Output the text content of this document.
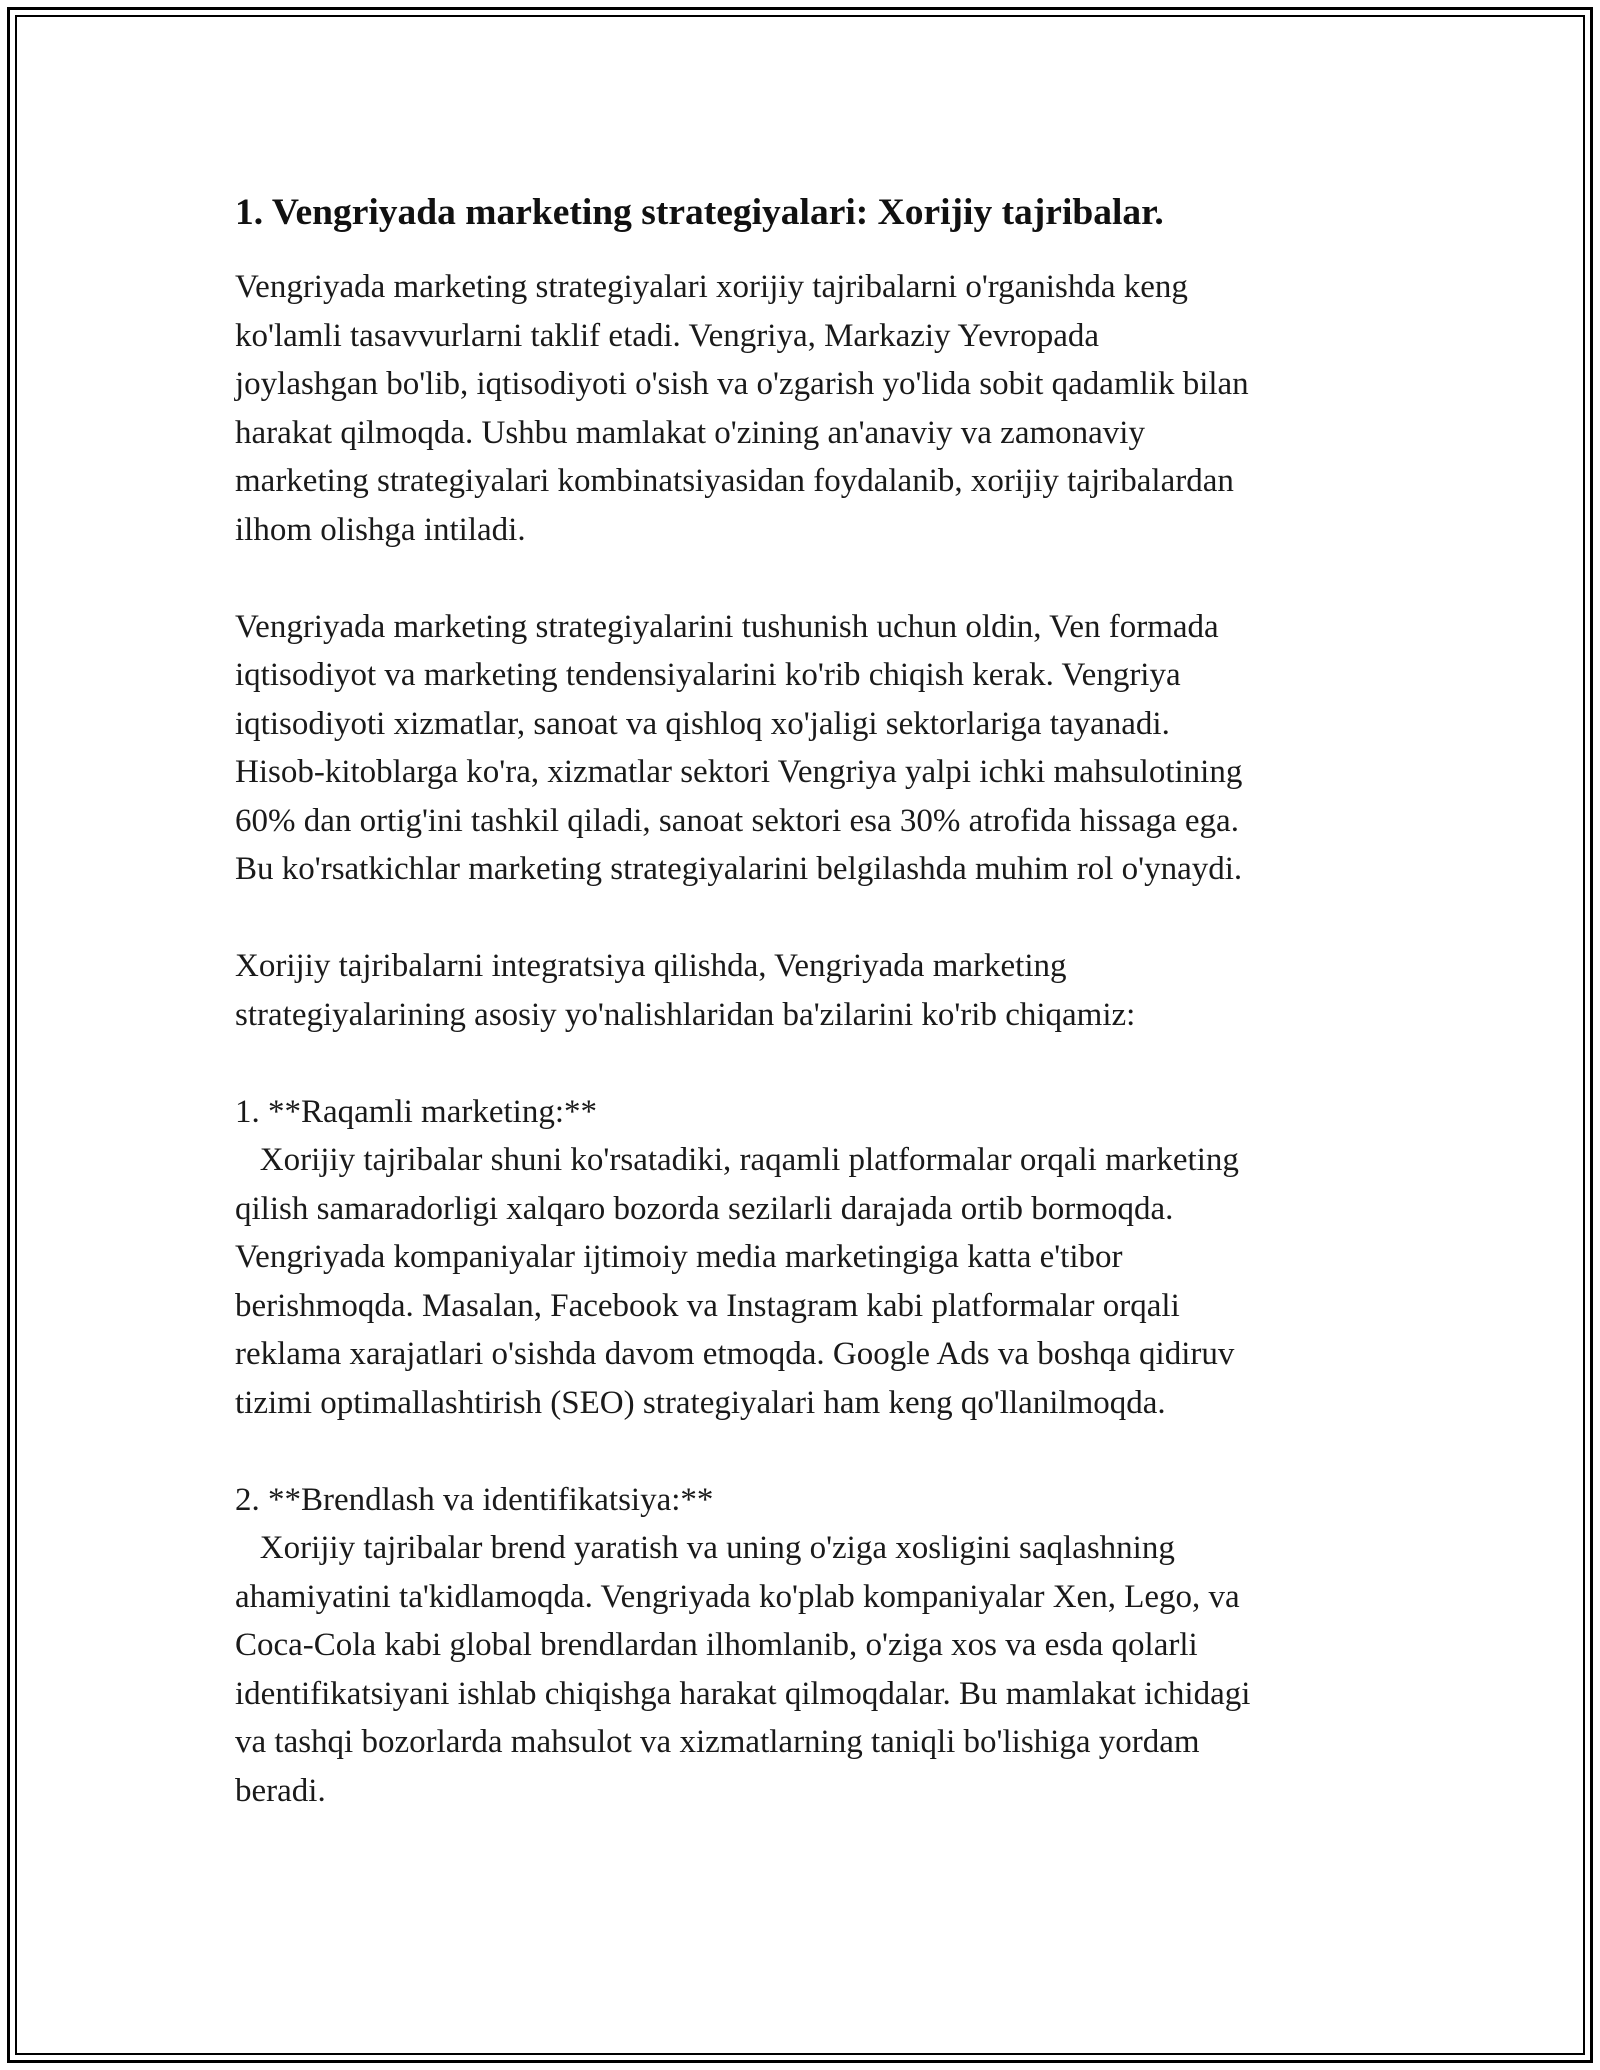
1. Vengriyada marketing strategiyalari: Xorijiy tajribalar.

Vengriyada marketing strategiyalari xorijiy tajribalarni o'rganishda keng
ko'lamli tasavvurlarni taklif etadi. Vengriya, Markaziy Yevropada
joylashgan bo'lib, iqtisodiyoti o'sish va o'zgarish yo'lida sobit qadamlik bilan
harakat qilmoqda. Ushbu mamlakat o'zining an'anaviy va zamonaviy
marketing strategiyalari kombinatsiyasidan foydalanib, xorijiy tajribalardan
ilhom olishga intiladi.

Vengriyada marketing strategiyalarini tushunish uchun oldin, Ven formada
iqtisodiyot va marketing tendensiyalarini ko'rib chiqish kerak. Vengriya
iqtisodiyoti xizmatlar, sanoat va qishloq xo'jaligi sektorlariga tayanadi.
Hisob-kitoblarga ko'ra, xizmatlar sektori Vengriya yalpi ichki mahsulotining
60% dan ortig'ini tashkil qiladi, sanoat sektori esa 30% atrofida hissaga ega.
Bu ko'rsatkichlar marketing strategiyalarini belgilashda muhim rol o'ynaydi.

Xorijiy tajribalarni integratsiya qilishda, Vengriyada marketing
strategiyalarining asosiy yo'nalishlaridan ba'zilarini ko'rib chiqamiz:

1. **Raqamli marketing:**
Xorijiy tajribalar shuni ko'rsatadiki, raqamli platformalar orqali marketing
qilish samaradorligi xalqaro bozorda sezilarli darajada ortib bormoqda.
Vengriyada kompaniyalar ijtimoiy media marketingiga katta e'tibor
berishmoqda. Masalan, Facebook va Instagram kabi platformalar orqali
reklama xarajatlari o'sishda davom etmoqda. Google Ads va boshqa qidiruv
tizimi optimallashtirish (SEO) strategiyalari ham keng qo'llanilmoqda.

2. **Brendlash va identifikatsiya:**
Xorijiy tajribalar brend yaratish va uning o'ziga xosligini saqlashning
ahamiyatini ta'kidlamoqda. Vengriyada ko'plab kompaniyalar Xen, Lego, va
Coca-Cola kabi global brendlardan ilhomlanib, o'ziga xos va esda qolarli
identifikatsiyani ishlab chiqishga harakat qilmoqdalar. Bu mamlakat ichidagi
va tashqi bozorlarda mahsulot va xizmatlarning taniqli bo'lishiga yordam
beradi.
